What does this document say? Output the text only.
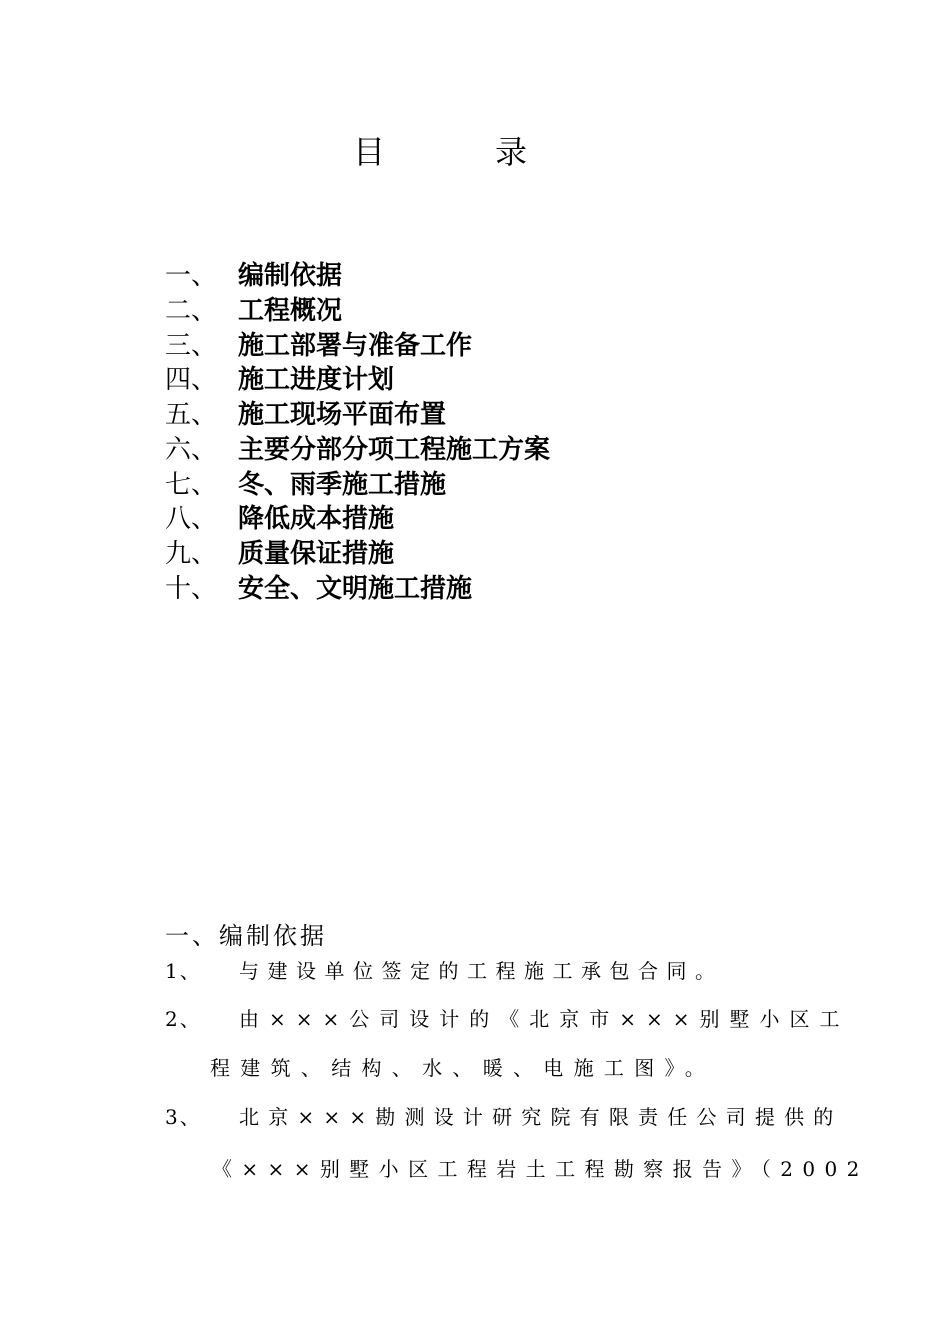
目录
一、 编制依据
二、 工程概况
三、 施工部署与准备工作
四、 施工进度计划
五、 施工现场平面布置
六、 主要分部分项工程施工方案
七、 冬、雨季施工措施
八、 降低成本措施
九、 质量保证措施
十、 安全、文明施工措施
一、编制依据
1、 与建设单位签定的工程施工承包合同。
2、 由×××公司设计的《北京市×××别墅小区工
程建筑、结构、水、暖、电施工图》。
3、 北京×××勘测设计研究院有限责任公司提供的
《×××别墅小区工程岩土工程勘察报告》（2002
